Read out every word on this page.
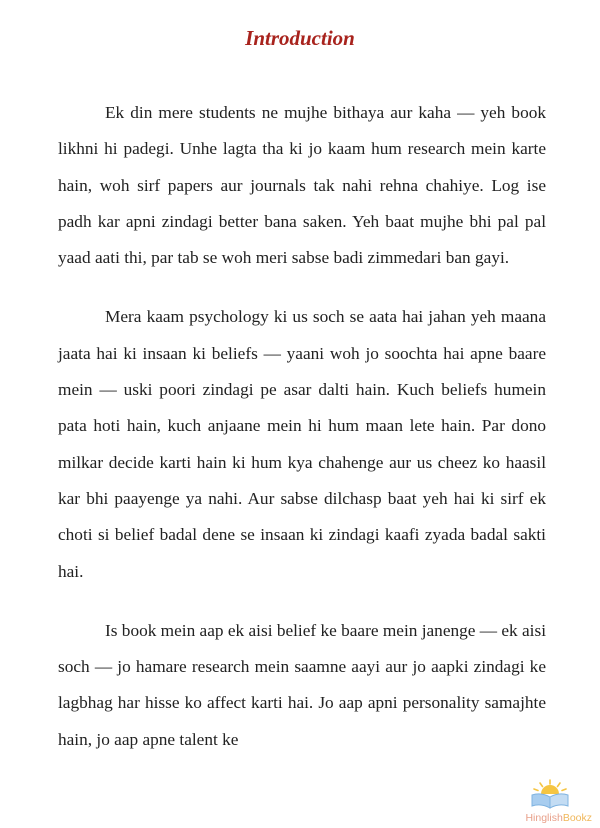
Introduction

Ek din mere students ne mujhe bithaya aur kaha — yeh book likhni hi padegi. Unhe lagta tha ki jo kaam hum research mein karte hain, woh sirf papers aur journals tak nahi rehna chahiye. Log ise padh kar apni zindagi better bana saken. Yeh baat mujhe bhi pal pal yaad aati thi, par tab se woh meri sabse badi zimmedari ban gayi.

Mera kaam psychology ki us soch se aata hai jahan yeh maana jaata hai ki insaan ki beliefs — yaani woh jo soochta hai apne baare mein — uski poori zindagi pe asar dalti hain. Kuch beliefs humein pata hoti hain, kuch anjaane mein hi hum maan lete hain. Par dono milkar decide karti hain ki hum kya chahenge aur us cheez ko haasil kar bhi paayenge ya nahi. Aur sabse dilchasp baat yeh hai ki sirf ek choti si belief badal dene se insaan ki zindagi kaafi zyada badal sakti hai.

Is book mein aap ek aisi belief ke baare mein janenge — ek aisi soch — jo hamare research mein saamne aayi aur jo aapki zindagi ke lagbhag har hisse ko affect karti hai. Jo aap apni personality samajhte hain, jo aap apne talent ke

HinglishBookz
